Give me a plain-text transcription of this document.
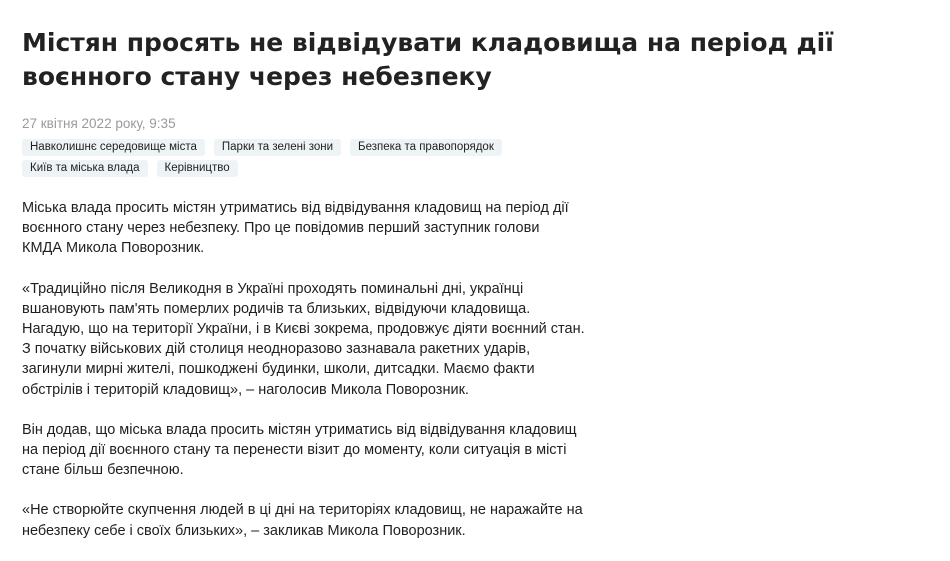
Містян просять не відвідувати кладовища на період дії воєнного стану через небезпеку
27 квітня 2022 року, 9:35
Навколишнє середовище міста	Парки та зелені зони	Безпека та правопорядок
Київ та міська влада	Керівництво

Міська влада просить містян утриматись від відвідування кладовищ на період дії
воєнного стану через небезпеку. Про це повідомив перший заступник голови
КМДА Микола Поворозник.

«Традиційно після Великодня в Україні проходять поминальні дні, українці
вшановують пам'ять померлих родичів та близьких, відвідуючи кладовища.
Нагадую, що на території України, і в Києві зокрема, продовжує діяти воєнний стан.
З початку військових дій столиця неодноразово зазнавала ракетних ударів,
загинули мирні жителі, пошкоджені будинки, школи, дитсадки. Маємо факти
обстрілів і територій кладовищ», – наголосив Микола Поворозник.

Він додав, що міська влада просить містян утриматись від відвідування кладовищ
на період дії воєнного стану та перенести візит до моменту, коли ситуація в місті
стане більш безпечною.

«Не створюйте скупчення людей в ці дні на територіях кладовищ, не наражайте на
небезпеку себе і своїх близьких», – закликав Микола Поворозник.
